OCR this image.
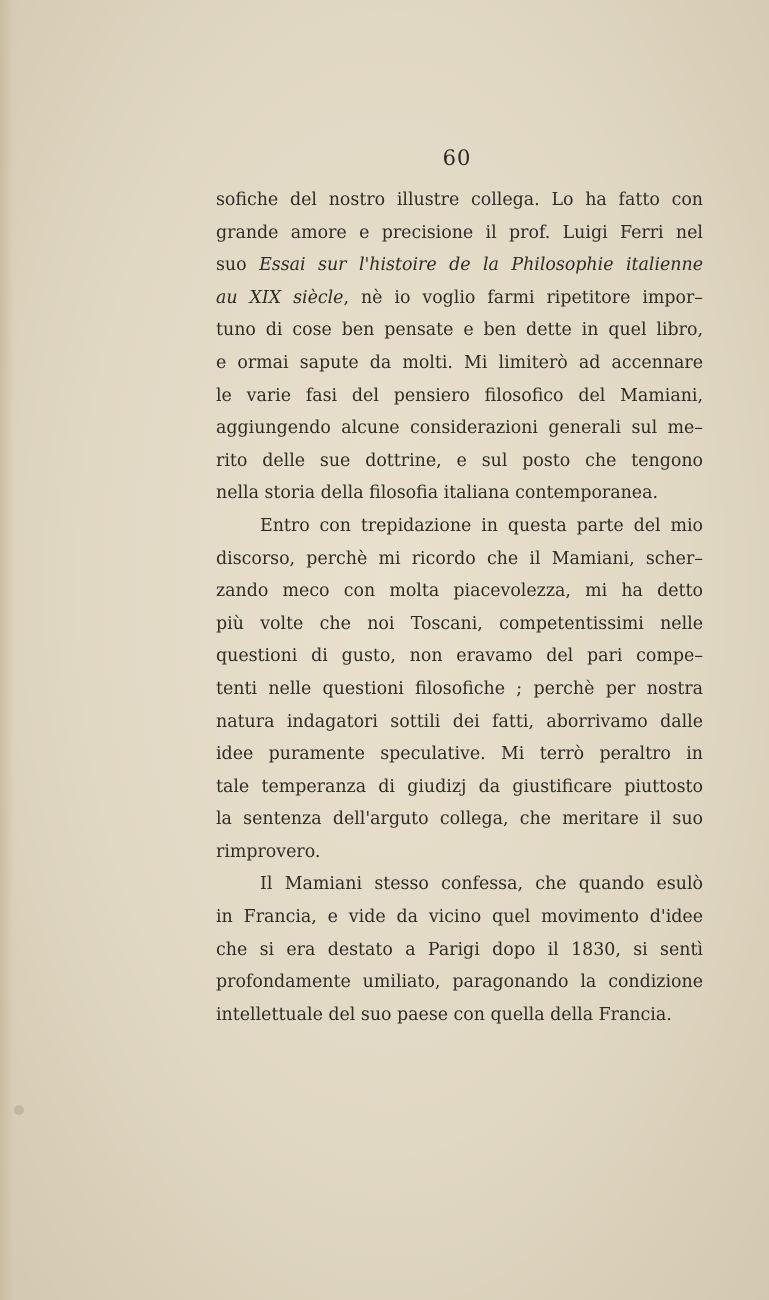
60
sofiche del nostro illustre collega. Lo ha fatto con
grande amore e precisione il prof. Luigi Ferri nel
suo Essai sur l'histoire de la Philosophie italienne
au XIX siècle, nè io voglio farmi ripetitore impor–
tuno di cose ben pensate e ben dette in quel libro,
e ormai sapute da molti. Mi limiterò ad accennare
le varie fasi del pensiero filosofico del Mamiani,
aggiungendo alcune considerazioni generali sul me–
rito delle sue dottrine, e sul posto che tengono
nella storia della filosofia italiana contemporanea.
Entro con trepidazione in questa parte del mio
discorso, perchè mi ricordo che il Mamiani, scher–
zando meco con molta piacevolezza, mi ha detto
più volte che noi Toscani, competentissimi nelle
questioni di gusto, non eravamo del pari compe–
tenti nelle questioni filosofiche ; perchè per nostra
natura indagatori sottili dei fatti, aborrivamo dalle
idee puramente speculative. Mi terrò peraltro in
tale temperanza di giudizj da giustificare piuttosto
la sentenza dell'arguto collega, che meritare il suo
rimprovero.
Il Mamiani stesso confessa, che quando esulò
in Francia, e vide da vicino quel movimento d'idee
che si era destato a Parigi dopo il 1830, si sentì
profondamente umiliato, paragonando la condizione
intellettuale del suo paese con quella della Francia.
